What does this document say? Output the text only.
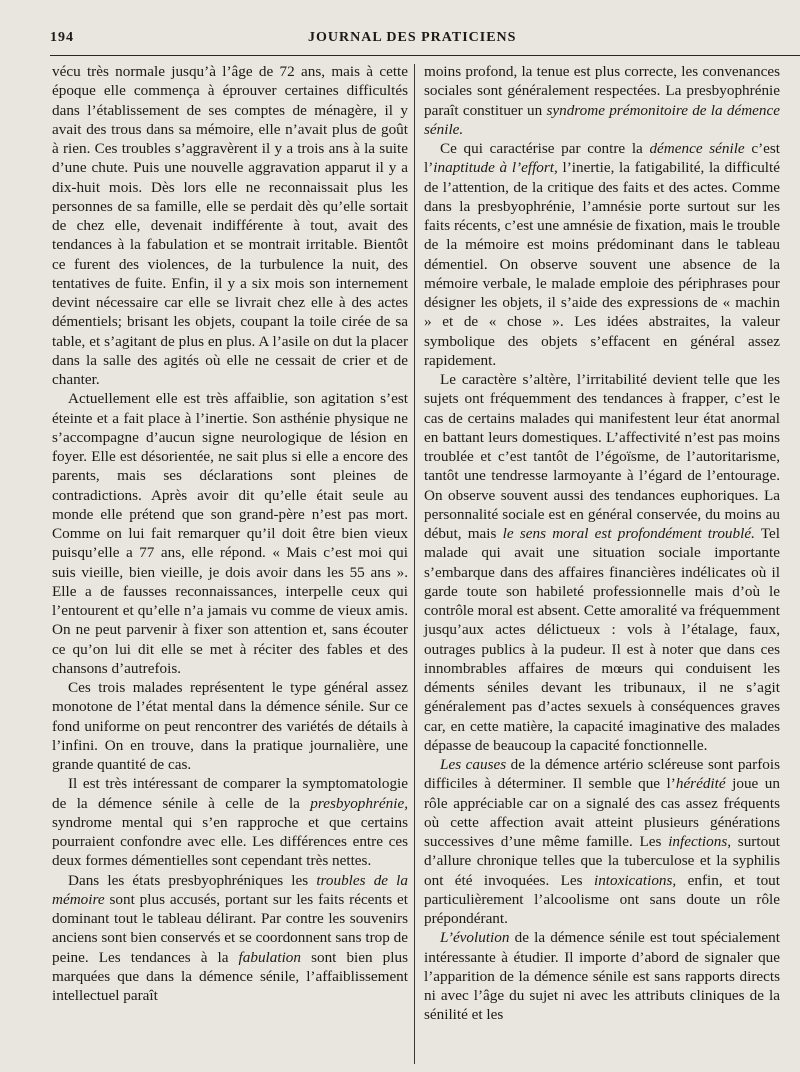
194	JOURNAL DES PRATICIENS

vécu très normale jusqu’à l’âge de 72 ans, mais à cette époque elle commença à éprouver certaines difficultés dans l’établissement de ses comptes de ménagère, il y avait des trous dans sa mémoire, elle n’avait plus de goût à rien. Ces troubles s’aggravèrent il y a trois ans à la suite d’une chute. Puis une nouvelle aggravation apparut il y a dix-huit mois. Dès lors elle ne reconnaissait plus les personnes de sa famille, elle se perdait dès qu’elle sortait de chez elle, devenait indifférente à tout, avait des tendances à la fabulation et se montrait irritable. Bientôt ce furent des violences, de la turbulence la nuit, des tentatives de fuite. Enfin, il y a six mois son internement devint nécessaire car elle se livrait chez elle à des actes démentiels; brisant les objets, coupant la toile cirée de sa table, et s’agitant de plus en plus. A l’asile on dut la placer dans la salle des agités où elle ne cessait de crier et de chanter.

Actuellement elle est très affaiblie, son agitation s’est éteinte et a fait place à l’inertie. Son asthénie physique ne s’accompagne d’aucun signe neurologique de lésion en foyer. Elle est désorientée, ne sait plus si elle a encore des parents, mais ses déclarations sont pleines de contradictions. Après avoir dit qu’elle était seule au monde elle prétend que son grand-père n’est pas mort. Comme on lui fait remarquer qu’il doit être bien vieux puisqu’elle a 77 ans, elle répond. « Mais c’est moi qui suis vieille, bien vieille, je dois avoir dans les 55 ans ». Elle a de fausses reconnaissances, interpelle ceux qui l’entourent et qu’elle n’a jamais vu comme de vieux amis. On ne peut parvenir à fixer son attention et, sans écouter ce qu’on lui dit elle se met à réciter des fables et des chansons d’autrefois.

Ces trois malades représentent le type général assez monotone de l’état mental dans la démence sénile. Sur ce fond uniforme on peut rencontrer des variétés de détails à l’infini. On en trouve, dans la pratique journalière, une grande quantité de cas.

Il est très intéressant de comparer la symptomatologie de la démence sénile à celle de la presbyophrénie, syndrome mental qui s’en rapproche et que certains pourraient confondre avec elle. Les différences entre ces deux formes démentielles sont cependant très nettes.

Dans les états presbyophréniques les troubles de la mémoire sont plus accusés, portant sur les faits récents et dominant tout le tableau délirant. Par contre les souvenirs anciens sont bien conservés et se coordonnent sans trop de peine. Les tendances à la fabulation sont bien plus marquées que dans la démence sénile, l’affaiblissement intellectuel paraît

moins profond, la tenue est plus correcte, les convenances sociales sont généralement respectées. La presbyophrénie paraît constituer un syndrome prémonitoire de la démence sénile.

Ce qui caractérise par contre la démence sénile c’est l’inaptitude à l’effort, l’inertie, la fatigabilité, la difficulté de l’attention, de la critique des faits et des actes. Comme dans la presbyophrénie, l’amnésie porte surtout sur les faits récents, c’est une amnésie de fixation, mais le trouble de la mémoire est moins prédominant dans le tableau démentiel. On observe souvent une absence de la mémoire verbale, le malade emploie des périphrases pour désigner les objets, il s’aide des expressions de « machin » et de « chose ». Les idées abstraites, la valeur symbolique des objets s’effacent en général assez rapidement.

Le caractère s’altère, l’irritabilité devient telle que les sujets ont fréquemment des tendances à frapper, c’est le cas de certains malades qui manifestent leur état anormal en battant leurs domestiques. L’affectivité n’est pas moins troublée et c’est tantôt de l’égoïsme, de l’autoritarisme, tantôt une tendresse larmoyante à l’égard de l’entourage. On observe souvent aussi des tendances euphoriques. La personnalité sociale est en général conservée, du moins au début, mais le sens moral est profondément troublé. Tel malade qui avait une situation sociale importante s’embarque dans des affaires financières indélicates où il garde toute son habileté professionnelle mais d’où le contrôle moral est absent. Cette amoralité va fréquemment jusqu’aux actes délictueux : vols à l’étalage, faux, outrages publics à la pudeur. Il est à noter que dans ces innombrables affaires de mœurs qui conduisent les déments séniles devant les tribunaux, il ne s’agit généralement pas d’actes sexuels à conséquences graves car, en cette matière, la capacité imaginative des malades dépasse de beaucoup la capacité fonctionnelle.

Les causes de la démence artério scléreuse sont parfois difficiles à déterminer. Il semble que l’hérédité joue un rôle appréciable car on a signalé des cas assez fréquents où cette affection avait atteint plusieurs générations successives d’une même famille. Les infections, surtout d’allure chronique telles que la tuberculose et la syphilis ont été invoquées. Les intoxications, enfin, et tout particulièrement l’alcoolisme ont sans doute un rôle prépondérant.

L’évolution de la démence sénile est tout spécialement intéressante à étudier. Il importe d’abord de signaler que l’apparition de la démence sénile est sans rapports directs ni avec l’âge du sujet ni avec les attributs cliniques de la sénilité et les
